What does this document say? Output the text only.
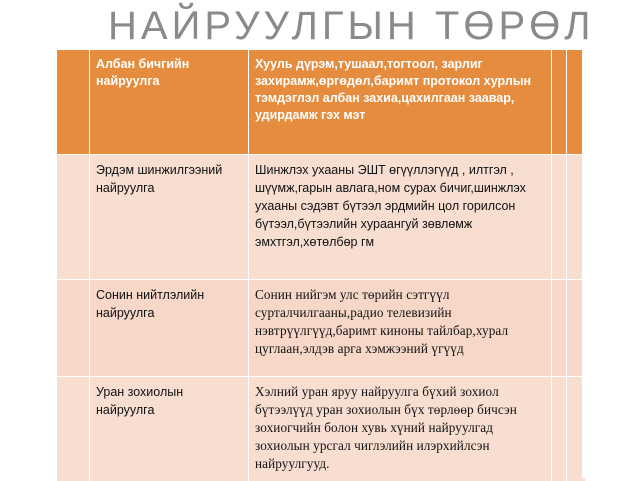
НАЙРУУЛГЫН ТӨРӨЛ
Албан бичгийн найруулга
Хууль дүрэм,тушаал,тогтоол, зарлиг захирамж,өргөдөл,баримт протокол хурлын тэмдэглэл албан захиа,цахилгаан заавар, удирдамж гэх мэт
Эрдэм шинжилгээний найруулга
Шинжлэх ухааны ЭШТ өгүүллэгүүд , илтгэл , шүүмж,гарын авлага,ном сурах бичиг,шинжлэх ухааны сэдэвт бүтээл эрдмийн цол горилсон бүтээл,бүтээлийн хураангуй зөвлөмж эмхтгэл,хөтөлбөр гм
Сонин нийтлэлийн найруулга
Сонин нийгэм улс төрийн сэтгүүл сурталчилгааны,радио телевизийн нэвтрүүлгүүд,баримт киноны тайлбар,хурал цуглаан,элдэв арга хэмжээний үгүүд
Уран зохиолын найруулга
Хэлний уран яруу найруулга бүхий зохиол бүтээлүүд уран зохиолын бүх төрлөөр бичсэн зохиогчийн болон хувь хүний найруулгад зохиолын урсгал чиглэлийн илэрхийлсэн найруулгууд.
